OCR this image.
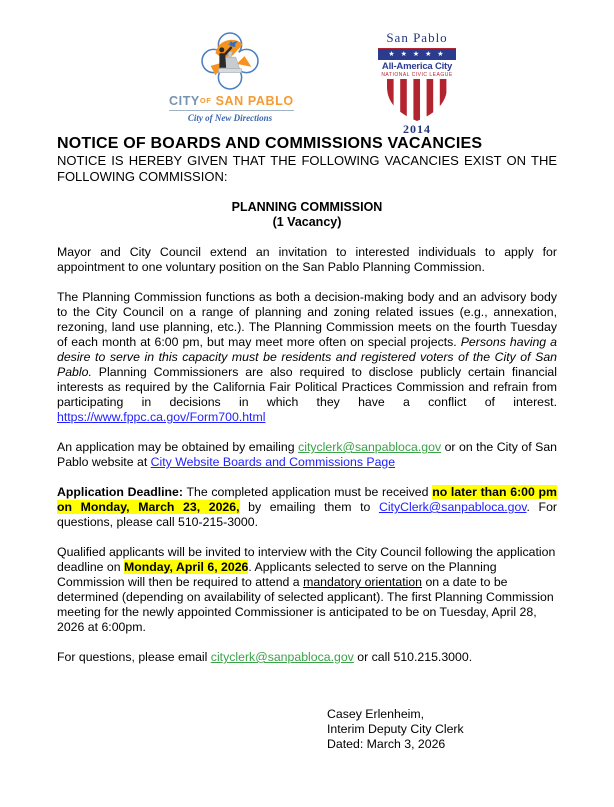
CITYOF SAN PABLO
City of New Directions
San Pablo
★ ★ ★ ★ ★
All-America City
NATIONAL CIVIC LEAGUE
2014
NOTICE OF BOARDS AND COMMISSIONS VACANCIES

NOTICE IS HEREBY GIVEN THAT THE FOLLOWING VACANCIES EXIST ON THE FOLLOWING COMMISSION:

PLANNING COMMISSION
(1 Vacancy)

Mayor and City Council extend an invitation to interested individuals to apply for appointment to one voluntary position on the San Pablo Planning Commission.

The Planning Commission functions as both a decision-making body and an advisory body to the City Council on a range of planning and zoning related issues (e.g., annexation, rezoning, land use planning, etc.). The Planning Commission meets on the fourth Tuesday of each month at 6:00 pm, but may meet more often on special projects. Persons having a desire to serve in this capacity must be residents and registered voters of the City of San Pablo. Planning Commissioners are also required to disclose publicly certain financial interests as required by the California Fair Political Practices Commission and refrain from participating in decisions in which they have a conflict of interest. https://www.fppc.ca.gov/Form700.html

An application may be obtained by emailing cityclerk@sanpabloca.gov or on the City of San Pablo website at City Website Boards and Commissions Page

Application Deadline: The completed application must be received no later than 6:00 pm on Monday, March 23, 2026, by emailing them to CityClerk@sanpabloca.gov. For questions, please call 510-215-3000.

Qualified applicants will be invited to interview with the City Council following the application deadline on Monday, April 6, 2026. Applicants selected to serve on the Planning Commission will then be required to attend a mandatory orientation on a date to be determined (depending on availability of selected applicant). The first Planning Commission meeting for the newly appointed Commissioner is anticipated to be on Tuesday, April 28, 2026 at 6:00pm.

For questions, please email cityclerk@sanpabloca.gov or call 510.215.3000.

Casey Erlenheim,
Interim Deputy City Clerk
Dated: March 3, 2026
